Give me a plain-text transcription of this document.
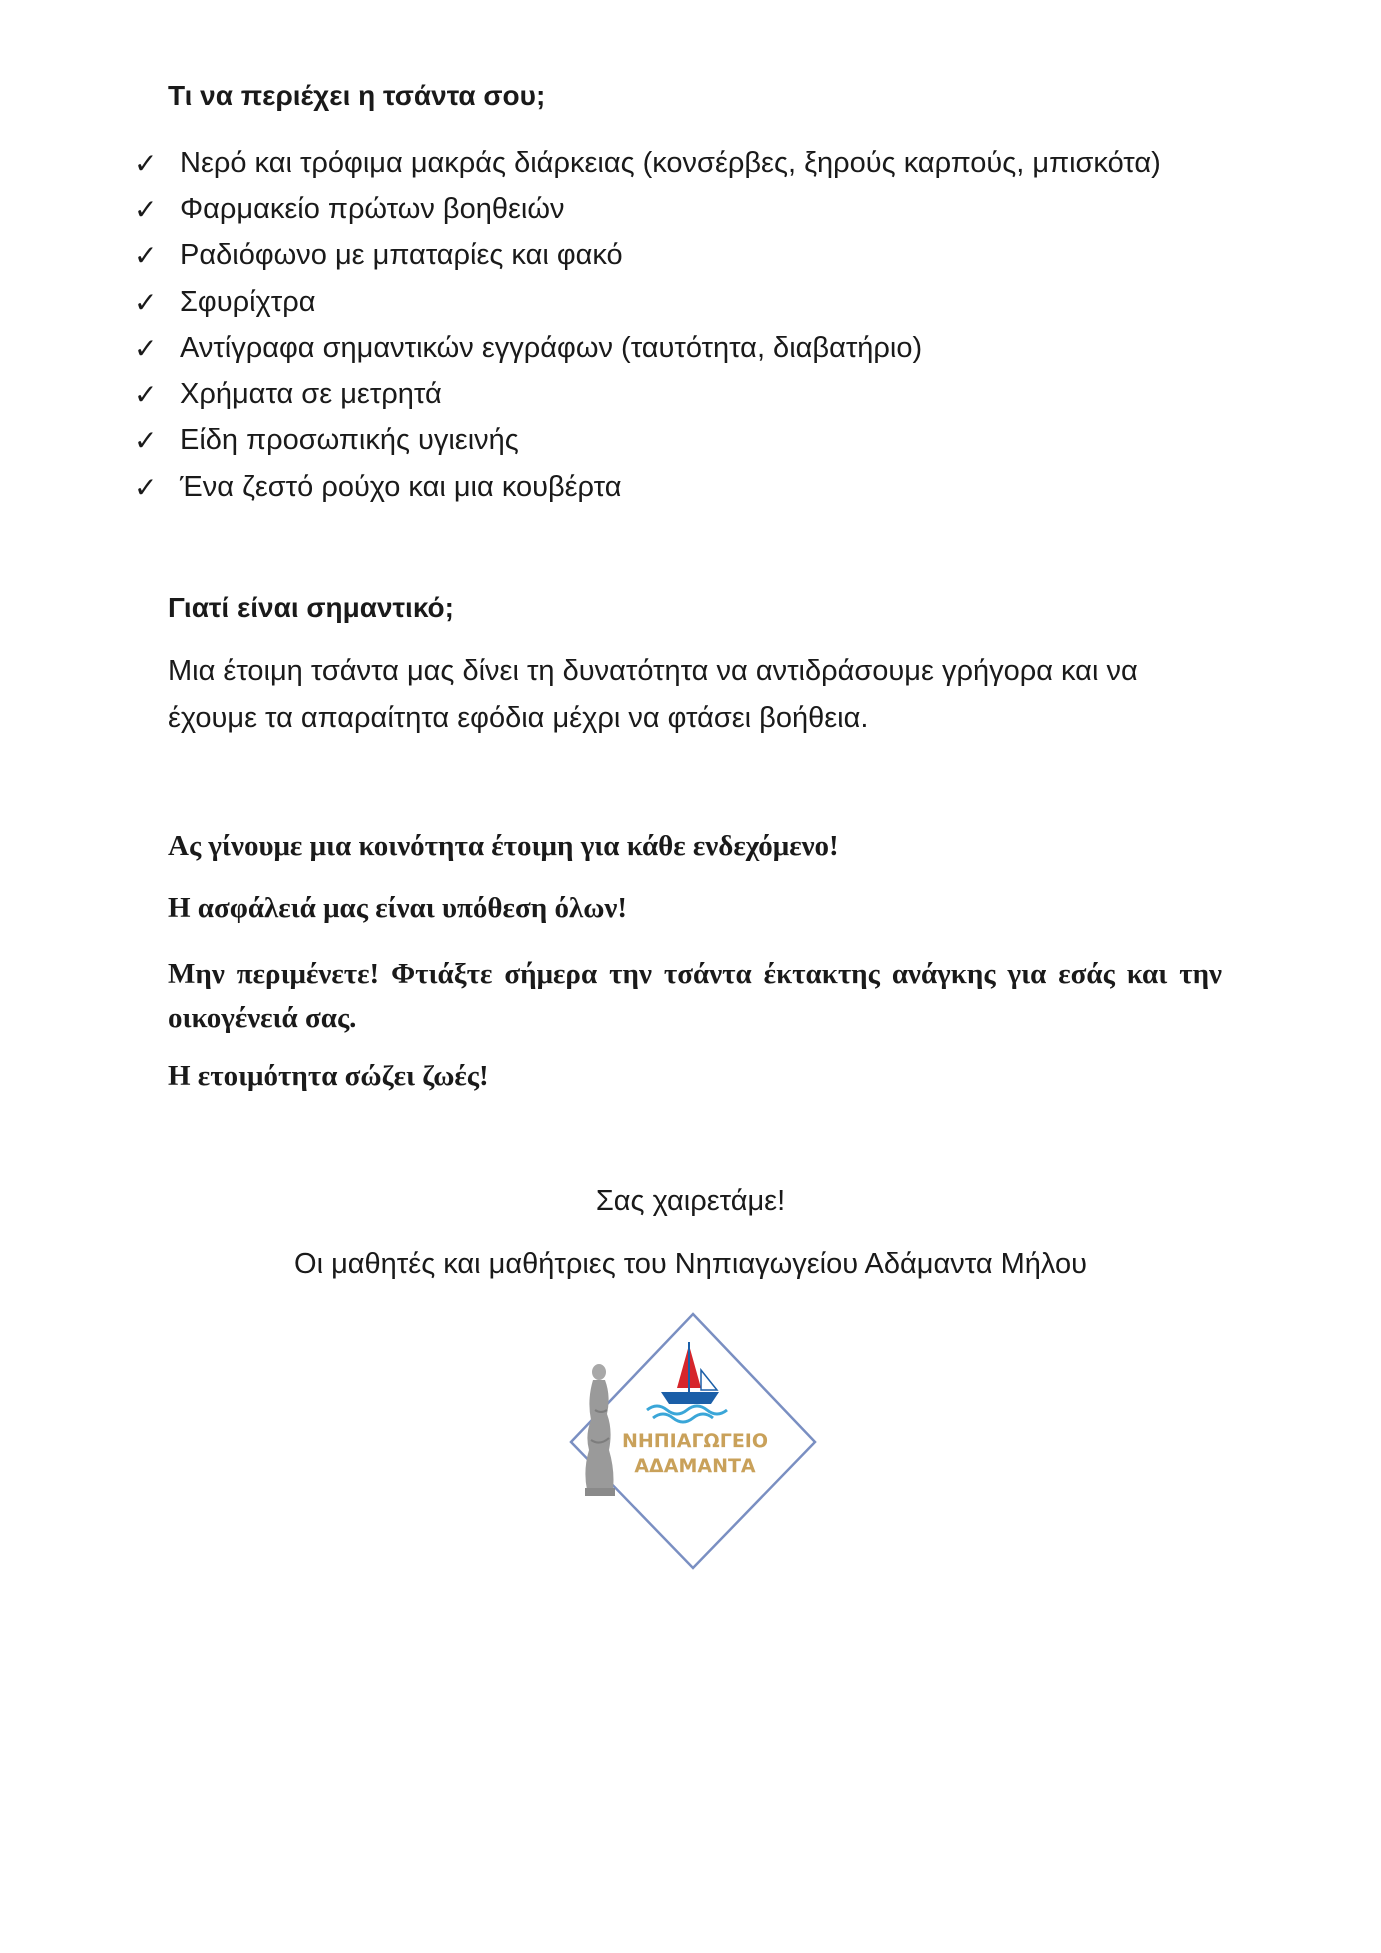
Τι να περιέχει η τσάντα σου;
✓ Νερό και τρόφιμα μακράς διάρκειας (κονσέρβες, ξηρούς καρπούς, μπισκότα)
✓ Φαρμακείο πρώτων βοηθειών
✓ Ραδιόφωνο με μπαταρίες και φακό
✓ Σφυρίχτρα
✓ Αντίγραφα σημαντικών εγγράφων (ταυτότητα, διαβατήριο)
✓ Χρήματα σε μετρητά
✓ Είδη προσωπικής υγιεινής
✓ Ένα ζεστό ρούχο και μια κουβέρτα
Γιατί είναι σημαντικό;

Μια έτοιμη τσάντα μας δίνει τη δυνατότητα να αντιδράσουμε γρήγορα και να έχουμε τα απαραίτητα εφόδια μέχρι να φτάσει βοήθεια.

Ας γίνουμε μια κοινότητα έτοιμη για κάθε ενδεχόμενο!

Η ασφάλειά μας είναι υπόθεση όλων!

Μην περιμένετε! Φτιάξτε σήμερα την τσάντα έκτακτης ανάγκης για εσάς και την οικογένειά σας.

Η ετοιμότητα σώζει ζωές!

Σας χαιρετάμε!

Οι μαθητές και μαθήτριες του Νηπιαγωγείου Αδάμαντα Μήλου

ΝΗΠΙΑΓΩΓΕΙΟ
ΑΔΑΜΑΝΤΑ
